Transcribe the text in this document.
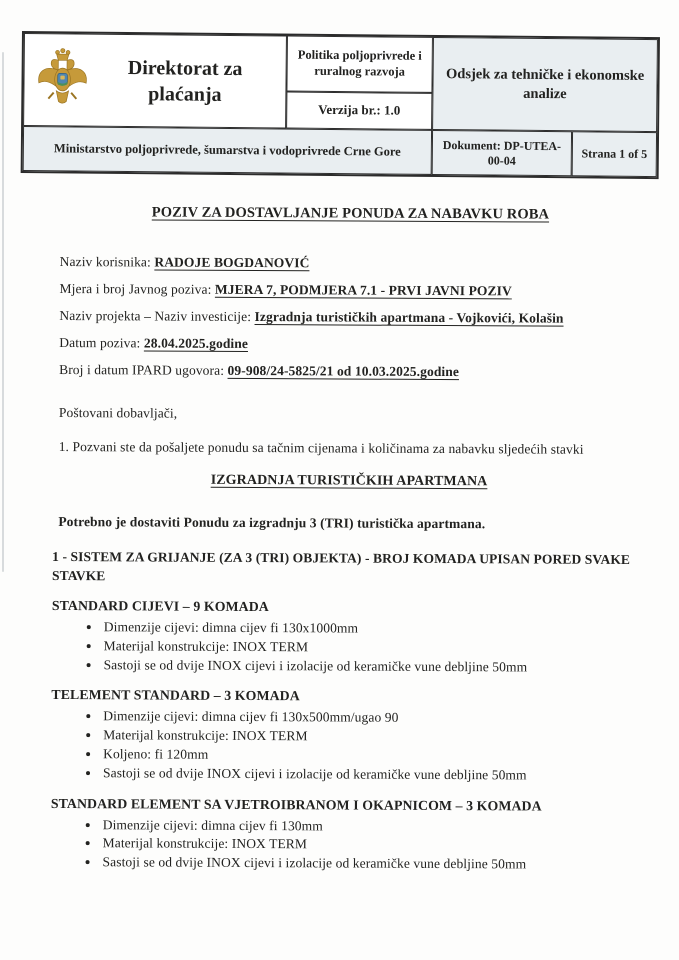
Direktorat za plaćanja
Politika poljoprivrede i ruralnog razvoja
Verzija br.: 1.0
Odsjek za tehničke i ekonomske analize
Ministarstvo poljoprivrede, šumarstva i vodoprivrede Crne Gore	Dokument: DP-UTEA-00-04	Strana 1 of 5
POZIV ZA DOSTAVLJANJE PONUDA ZA NABAVKU ROBA
Naziv korisnika: RADOJE BOGDANOVIĆ
Mjera i broj Javnog poziva: MJERA 7, PODMJERA 7.1 - PRVI JAVNI POZIV
Naziv projekta – Naziv investicije: Izgradnja turističkih apartmana - Vojkovići, Kolašin
Datum poziva: 28.04.2025.godine
Broj i datum IPARD ugovora: 09-908/24-5825/21 od 10.03.2025.godine
Poštovani dobavljači,
1. Pozvani ste da pošaljete ponudu sa tačnim cijenama i količinama za nabavku sljedećih stavki
IZGRADNJA TURISTIČKIH APARTMANA
Potrebno je dostaviti Ponudu za izgradnju 3 (TRI) turistička apartmana.
1 - SISTEM ZA GRIJANJE (ZA 3 (TRI) OBJEKTA) - BROJ KOMADA UPISAN PORED SVAKE STAVKE
STANDARD CIJEVI – 9 KOMADA
• Dimenzije cijevi: dimna cijev fi 130x1000mm
• Materijal konstrukcije: INOX TERM
• Sastoji se od dvije INOX cijevi i izolacije od keramičke vune debljine 50mm
TELEMENT STANDARD – 3 KOMADA
• Dimenzije cijevi: dimna cijev fi 130x500mm/ugao 90
• Materijal konstrukcije: INOX TERM
• Koljeno: fi 120mm
• Sastoji se od dvije INOX cijevi i izolacije od keramičke vune debljine 50mm
STANDARD ELEMENT SA VJETROIBRANOM I OKAPNICOM – 3 KOMADA
• Dimenzije cijevi: dimna cijev fi 130mm
• Materijal konstrukcije: INOX TERM
• Sastoji se od dvije INOX cijevi i izolacije od keramičke vune debljine 50mm
